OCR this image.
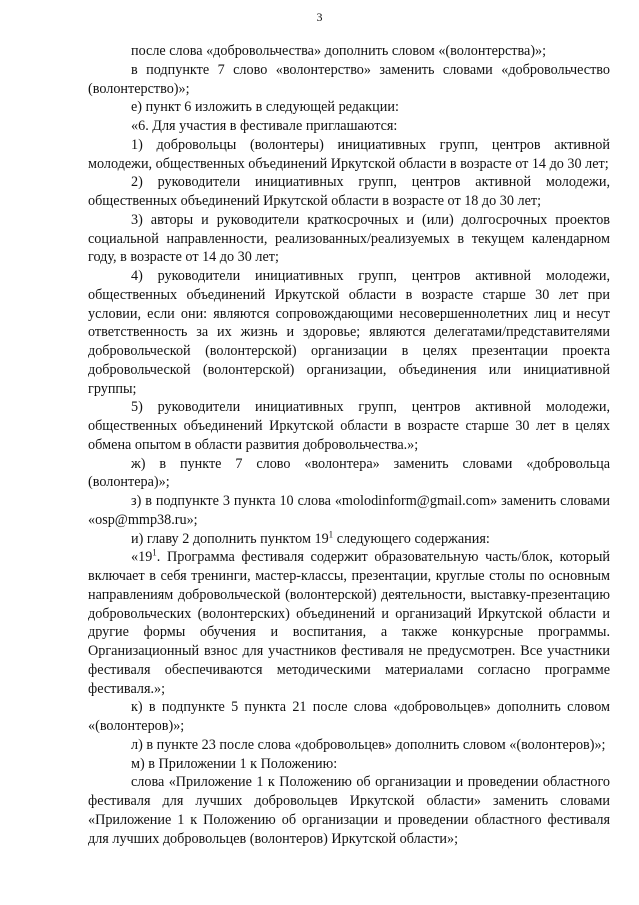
3

после слова «добровольчества» дополнить словом «(волонтерства)»;

в подпункте 7 слово «волонтерство» заменить словами «добровольчество (волонтерство)»;

е) пункт 6 изложить в следующей редакции:

«6. Для участия в фестивале приглашаются:

1) добровольцы (волонтеры) инициативных групп, центров активной молодежи, общественных объединений Иркутской области в возрасте от 14 до 30 лет;

2) руководители инициативных групп, центров активной молодежи, общественных объединений Иркутской области в возрасте от 18 до 30 лет;

3) авторы и руководители краткосрочных и (или) долгосрочных проектов социальной направленности, реализованных/реализуемых в текущем календарном году, в возрасте от 14 до 30 лет;

4) руководители инициативных групп, центров активной молодежи, общественных объединений Иркутской области в возрасте старше 30 лет при условии, если они: являются сопровождающими несовершеннолетних лиц и несут ответственность за их жизнь и здоровье; являются делегатами/представителями добровольческой (волонтерской) организации в целях презентации проекта добровольческой (волонтерской) организации, объединения или инициативной группы;

5) руководители инициативных групп, центров активной молодежи, общественных объединений Иркутской области в возрасте старше 30 лет в целях обмена опытом в области развития добровольчества.»;

ж) в пункте 7 слово «волонтера» заменить словами «добровольца (волонтера)»;

з) в подпункте 3 пункта 10 слова «molodinform@gmail.com» заменить словами «osp@mmp38.ru»;

и) главу 2 дополнить пунктом $19^1$ следующего содержания:

«$19^1$. Программа фестиваля содержит образовательную часть/блок, который включает в себя тренинги, мастер-классы, презентации, круглые столы по основным направлениям добровольческой (волонтерской) деятельности, выставку-презентацию добровольческих (волонтерских) объединений и организаций Иркутской области и другие формы обучения и воспитания, а также конкурсные программы. Организационный взнос для участников фестиваля не предусмотрен. Все участники фестиваля обеспечиваются методическими материалами согласно программе фестиваля.»;

к) в подпункте 5 пункта 21 после слова «добровольцев» дополнить словом «(волонтеров)»;

л) в пункте 23 после слова «добровольцев» дополнить словом «(волонтеров)»;

м) в Приложении 1 к Положению:

слова «Приложение 1 к Положению об организации и проведении областного фестиваля для лучших добровольцев Иркутской области» заменить словами «Приложение 1 к Положению об организации и проведении областного фестиваля для лучших добровольцев (волонтеров) Иркутской области»;
